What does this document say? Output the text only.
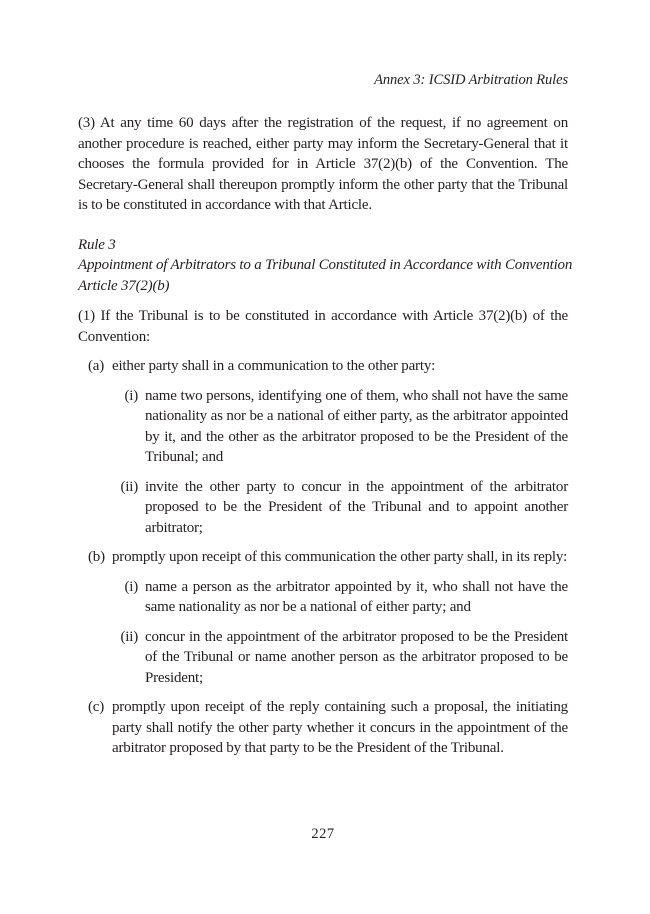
Annex 3: ICSID Arbitration Rules

(3) At any time 60 days after the registration of the request, if no agreement on another procedure is reached, either party may inform the Secretary-General that it chooses the formula provided for in Article 37(2)(b) of the Convention. The Secretary-General shall thereupon promptly inform the other party that the Tribunal is to be constituted in accordance with that Article.

Rule 3
Appointment of Arbitrators to a Tribunal Constituted in Accordance with Convention Article 37(2)(b)

(1) If the Tribunal is to be constituted in accordance with Article 37(2)(b) of the Convention:

(a) either party shall in a communication to the other party:
(i) name two persons, identifying one of them, who shall not have the same nationality as nor be a national of either party, as the arbitrator appointed by it, and the other as the arbitrator proposed to be the President of the Tribunal; and
(ii) invite the other party to concur in the appointment of the arbitrator proposed to be the President of the Tribunal and to appoint another arbitrator;
(b) promptly upon receipt of this communication the other party shall, in its reply:
(i) name a person as the arbitrator appointed by it, who shall not have the same nationality as nor be a national of either party; and
(ii) concur in the appointment of the arbitrator proposed to be the President of the Tribunal or name another person as the arbitrator proposed to be President;
(c) promptly upon receipt of the reply containing such a proposal, the initiating party shall notify the other party whether it concurs in the appointment of the arbitrator proposed by that party to be the President of the Tribunal.
227
